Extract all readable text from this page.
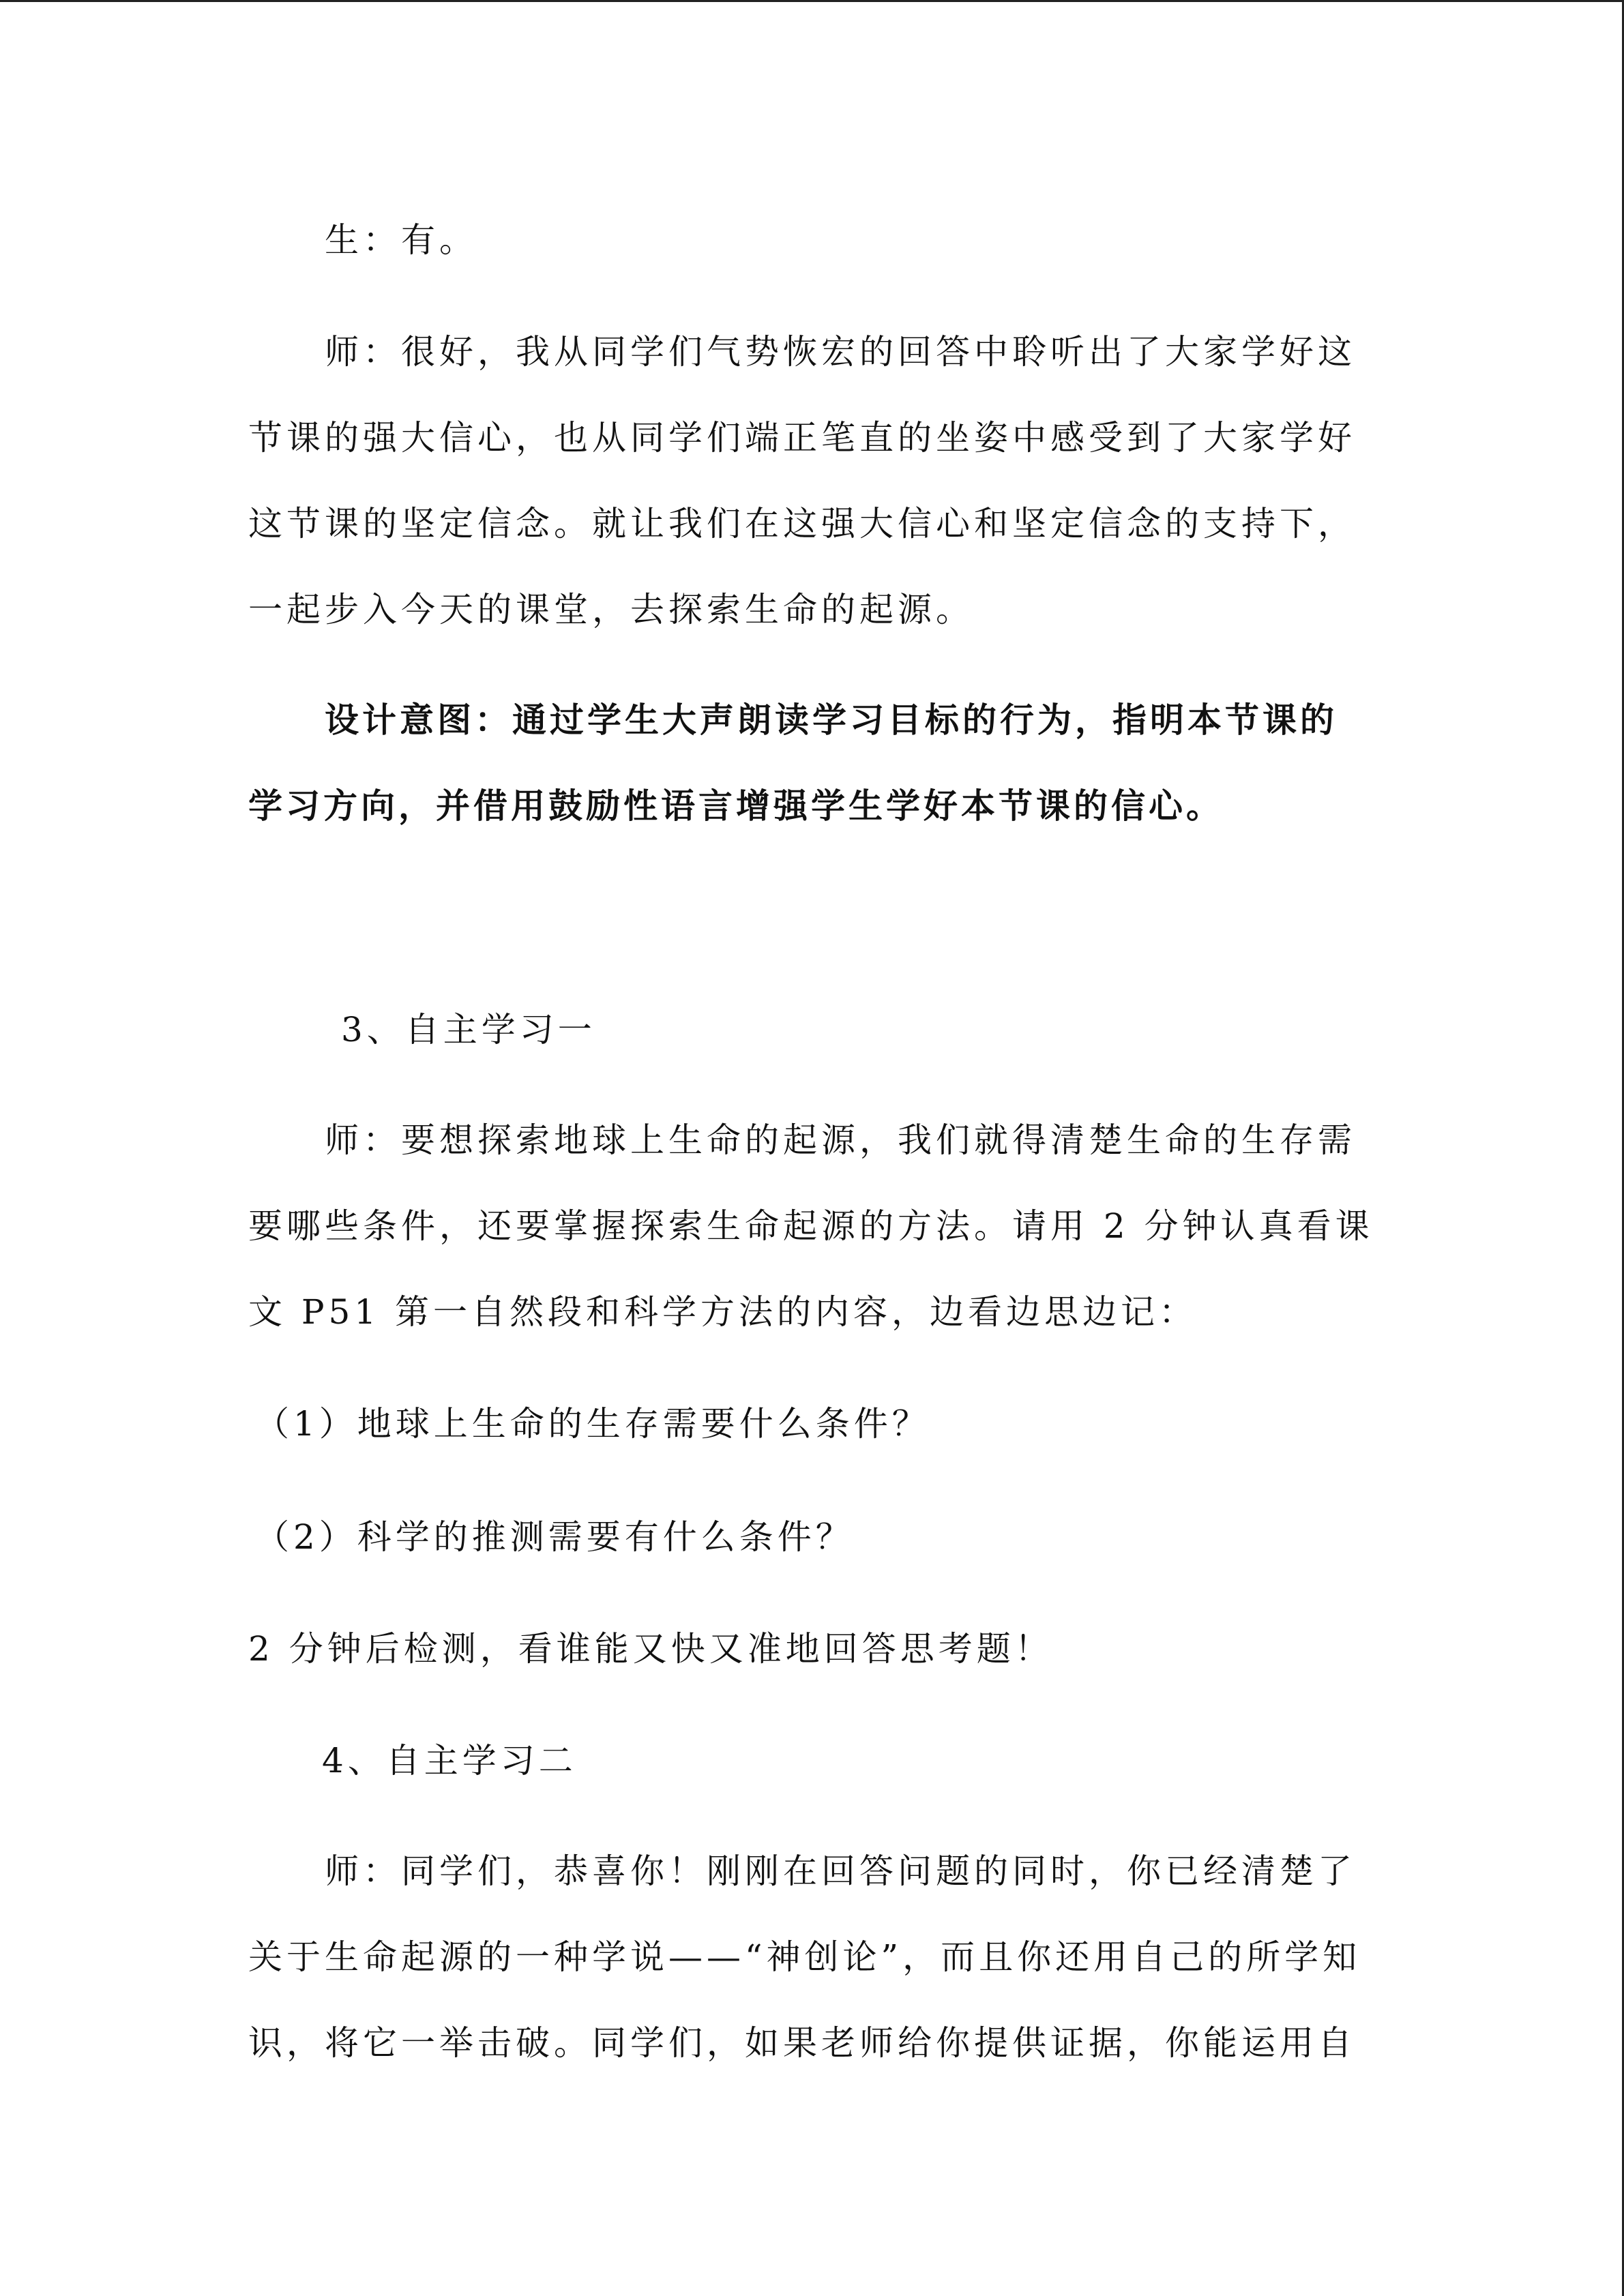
生：有。
师：很好，我从同学们气势恢宏的回答中聆听出了大家学好这
节课的强大信心，也从同学们端正笔直的坐姿中感受到了大家学好
这节课的坚定信念。就让我们在这强大信心和坚定信念的支持下，
一起步入今天的课堂，去探索生命的起源。
设计意图：通过学生大声朗读学习目标的行为，指明本节课的
学习方向，并借用鼓励性语言增强学生学好本节课的信心。
3、自主学习一
师：要想探索地球上生命的起源，我们就得清楚生命的生存需
要哪些条件，还要掌握探索生命起源的方法。请用 2 分钟认真看课
文 P51 第一自然段和科学方法的内容，边看边思边记：
（1）地球上生命的生存需要什么条件？
（2）科学的推测需要有什么条件？
2 分钟后检测，看谁能又快又准地回答思考题！
4、自主学习二
师：同学们，恭喜你！刚刚在回答问题的同时，你已经清楚了
关于生命起源的一种学说——“神创论”，而且你还用自己的所学知
识，将它一举击破。同学们，如果老师给你提供证据，你能运用自
